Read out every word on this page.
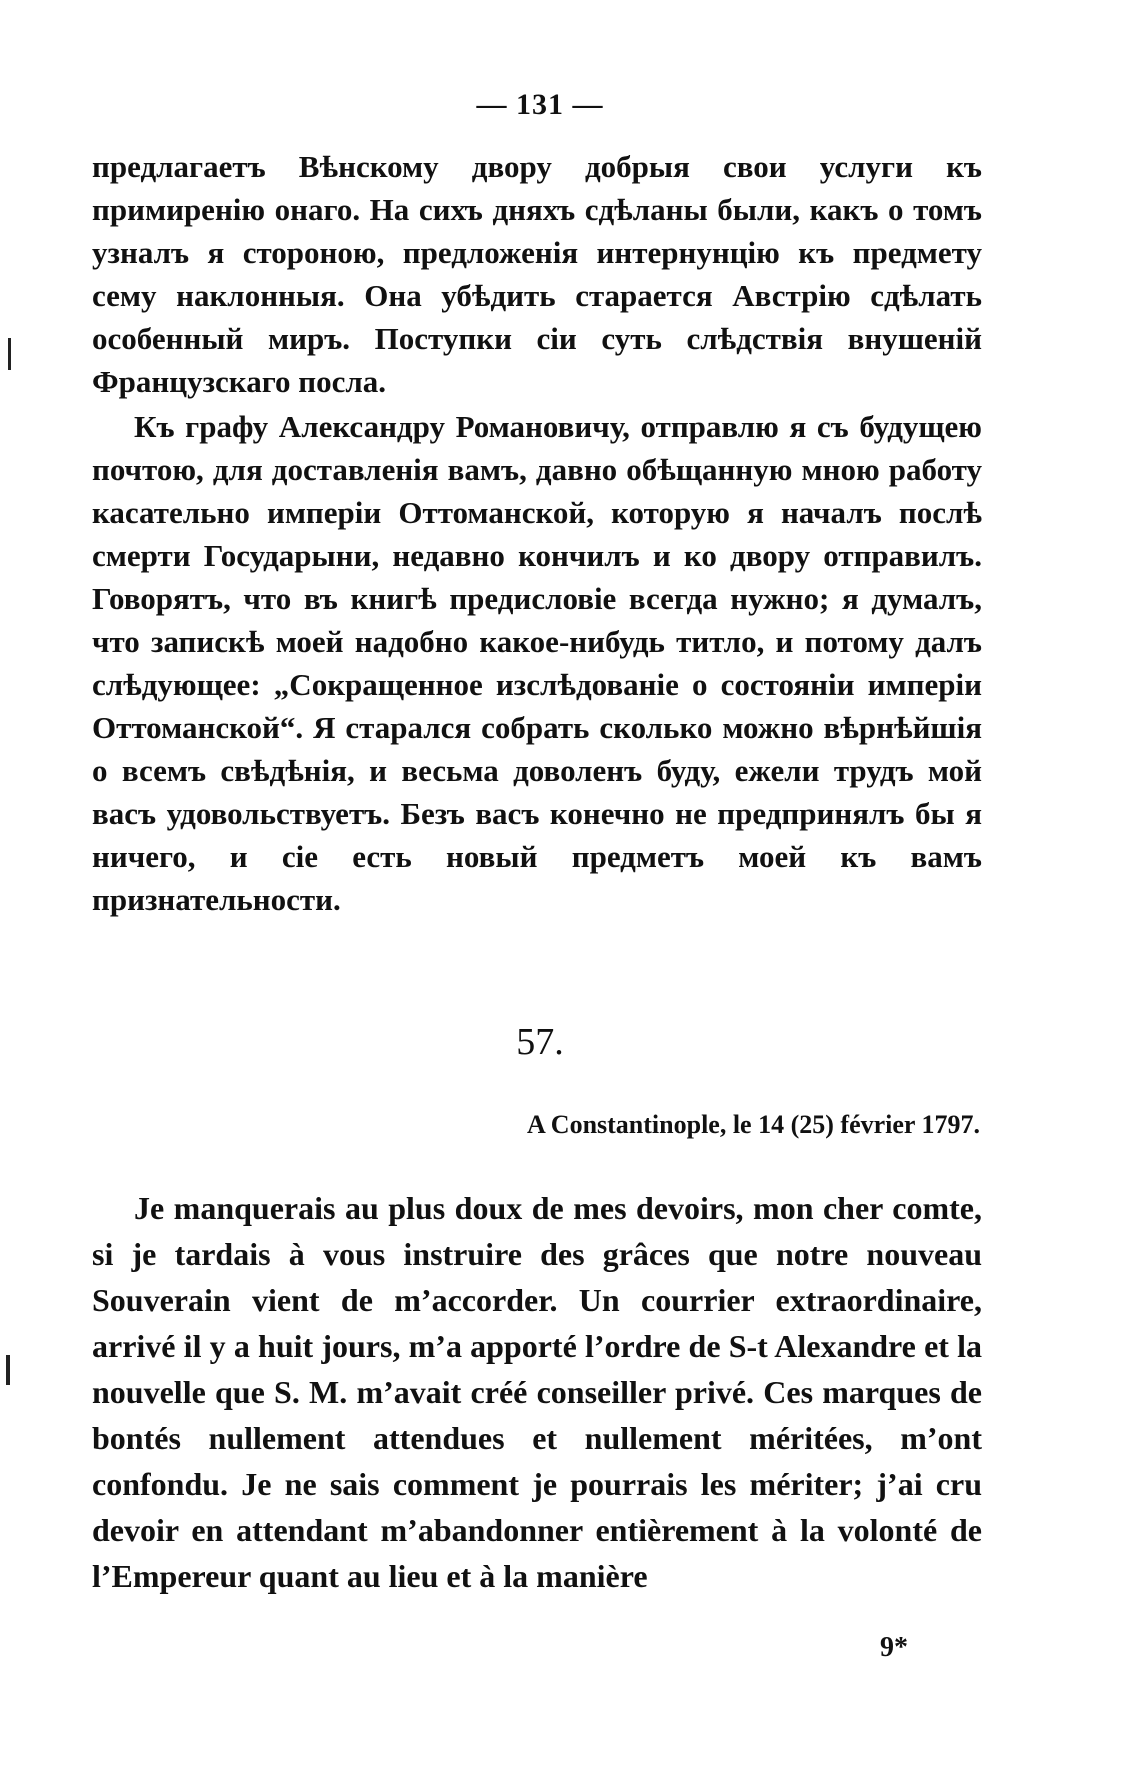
— 131 —

предлагаетъ Вѣнскому двору добрыя свои услуги къ примиренію онаго. На сихъ дняхъ сдѣланы были, какъ о томъ узналъ я стороною, предложенія интернунцію къ предмету сему наклонныя. Она убѣдить старается Австрію сдѣлать особенный миръ. Поступки сіи суть слѣдствія внушеній Французскаго посла.

Къ графу Александру Романовичу, отправлю я съ будущею почтою, для доставленія вамъ, давно обѣщанную мною работу касательно имперіи Оттоманской, которую я началъ послѣ смерти Государыни, недавно кончилъ и ко двору отправилъ. Говорятъ, что въ книгѣ предисловіе всегда нужно; я думалъ, что запискѣ моей надобно какое-нибудь титло, и потому далъ слѣдующее: „Сокращенное изслѣдованіе о состояніи имперіи Оттоманской“. Я старался собрать сколько можно вѣрнѣйшія о всемъ свѣдѣнія, и весьма доволенъ буду, ежели трудъ мой васъ удовольствуетъ. Безъ васъ конечно не предпринялъ бы я ничего, и сіе есть новый предметъ моей къ вамъ признательности.

57.
A Constantinople, le 14 (25) février 1797.

Je manquerais au plus doux de mes devoirs, mon cher comte, si je tardais à vous instruire des grâces que notre nouveau Souverain vient de m’accorder. Un courrier extraordinaire, arrivé il y a huit jours, m’a apporté l’ordre de S-t Alexandre et la nouvelle que S. M. m’avait créé conseiller privé. Ces marques de bontés nullement attendues et nullement méritées, m’ont confondu. Je ne sais comment je pourrais les mériter; j’ai cru devoir en attendant m’abandonner entièrement à la volonté de l’Empereur quant au lieu et à la manière

9*
